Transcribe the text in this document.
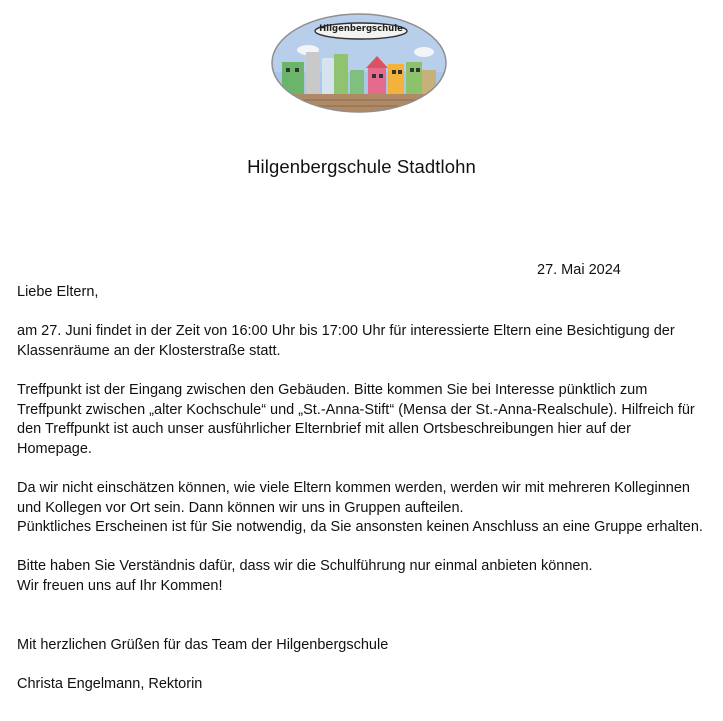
Hilgenbergschule
Hilgenbergschule Stadtlohn
27. Mai 2024

Liebe Eltern,

am 27. Juni findet in der Zeit von 16:00 Uhr bis 17:00 Uhr für interessierte Eltern eine Besichtigung der

Klassenräume an der Klosterstraße statt.

Treffpunkt ist der Eingang zwischen den Gebäuden. Bitte kommen Sie bei Interesse pünktlich zum

Treffpunkt zwischen „alter Kochschule“ und „St.-Anna-Stift“ (Mensa der St.-Anna-Realschule). Hilfreich für

den Treffpunkt ist auch unser ausführlicher Elternbrief mit allen Ortsbeschreibungen hier auf der

Homepage.

Da wir nicht einschätzen können, wie viele Eltern kommen werden, werden wir mit mehreren Kolleginnen

und Kollegen vor Ort sein. Dann können wir uns in Gruppen aufteilen.

Pünktliches Erscheinen ist für Sie notwendig, da Sie ansonsten keinen Anschluss an eine Gruppe erhalten.

Bitte haben Sie Verständnis dafür, dass wir die Schulführung nur einmal anbieten können.

Wir freuen uns auf Ihr Kommen!

Mit herzlichen Grüßen für das Team der Hilgenbergschule

Christa Engelmann, Rektorin
